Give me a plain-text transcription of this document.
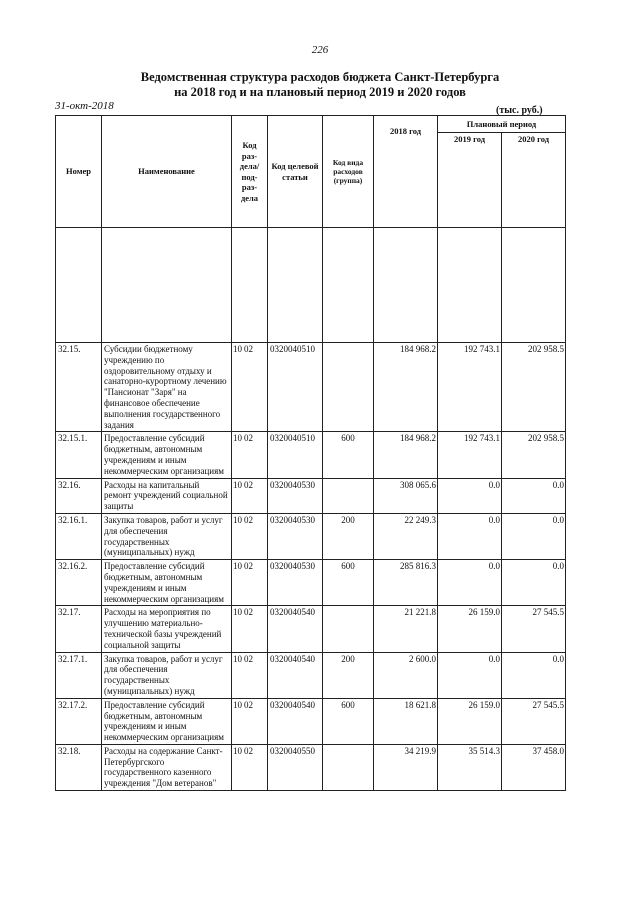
226
Ведомственная структура расходов бюджета Санкт-Петербурга
на 2018 год и на плановый период 2019 и 2020 годов
31-окт-2018	(тыс. руб.)
Номер	Наименование	Код раз-дела/ под-раз-дела	Код целевой статьи	Код вида расходов (группа)	2018 год	Плановый период	
						2019 год	2020 год

32.15.	Субсидии бюджетному учреждению по оздоровительному отдыху и санаторно-курортному лечению "Пансионат "Заря" на финансовое обеспечение выполнения государственного задания	10 02	0320040510		184 968.2	192 743.1	202 958.5
32.15.1.	Предоставление субсидий бюджетным, автономным учреждениям и иным некоммерческим организациям	10 02	0320040510	600	184 968.2	192 743.1	202 958.5
32.16.	Расходы на капитальный ремонт учреждений социальной защиты	10 02	0320040530		308 065.6	0.0	0.0
32.16.1.	Закупка товаров, работ и услуг для обеспечения государственных (муниципальных) нужд	10 02	0320040530	200	22 249.3	0.0	0.0
32.16.2.	Предоставление субсидий бюджетным, автономным учреждениям и иным некоммерческим организациям	10 02	0320040530	600	285 816.3	0.0	0.0
32.17.	Расходы на мероприятия по улучшению материально-технической базы учреждений социальной защиты	10 02	0320040540		21 221.8	26 159.0	27 545.5
32.17.1.	Закупка товаров, работ и услуг для обеспечения государственных (муниципальных) нужд	10 02	0320040540	200	2 600.0	0.0	0.0
32.17.2.	Предоставление субсидий бюджетным, автономным учреждениям и иным некоммерческим организациям	10 02	0320040540	600	18 621.8	26 159.0	27 545.5
32.18.	Расходы на содержание Санкт-Петербургского государственного казенного учреждения "Дом ветеранов"	10 02	0320040550		34 219.9	35 514.3	37 458.0
